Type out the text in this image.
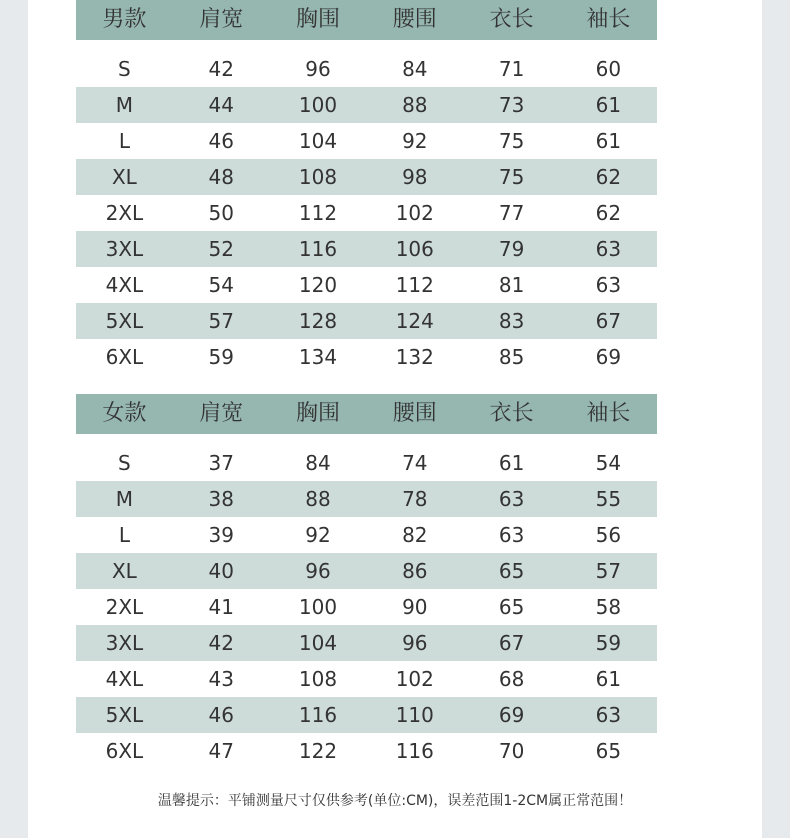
男款	肩宽	胸围	腰围	衣长	袖长
S	42	96	84	71	60
M	44	100	88	73	61
L	46	104	92	75	61
XL	48	108	98	75	62
2XL	50	112	102	77	62
3XL	52	116	106	79	63
4XL	54	120	112	81	63
5XL	57	128	124	83	67
6XL	59	134	132	85	69
女款	肩宽	胸围	腰围	衣长	袖长
S	37	84	74	61	54
M	38	88	78	63	55
L	39	92	82	63	56
XL	40	96	86	65	57
2XL	41	100	90	65	58
3XL	42	104	96	67	59
4XL	43	108	102	68	61
5XL	46	116	110	69	63
6XL	47	122	116	70	65
温馨提示：平铺测量尺寸仅供参考(单位:CM)，误差范围1-2CM属正常范围！
